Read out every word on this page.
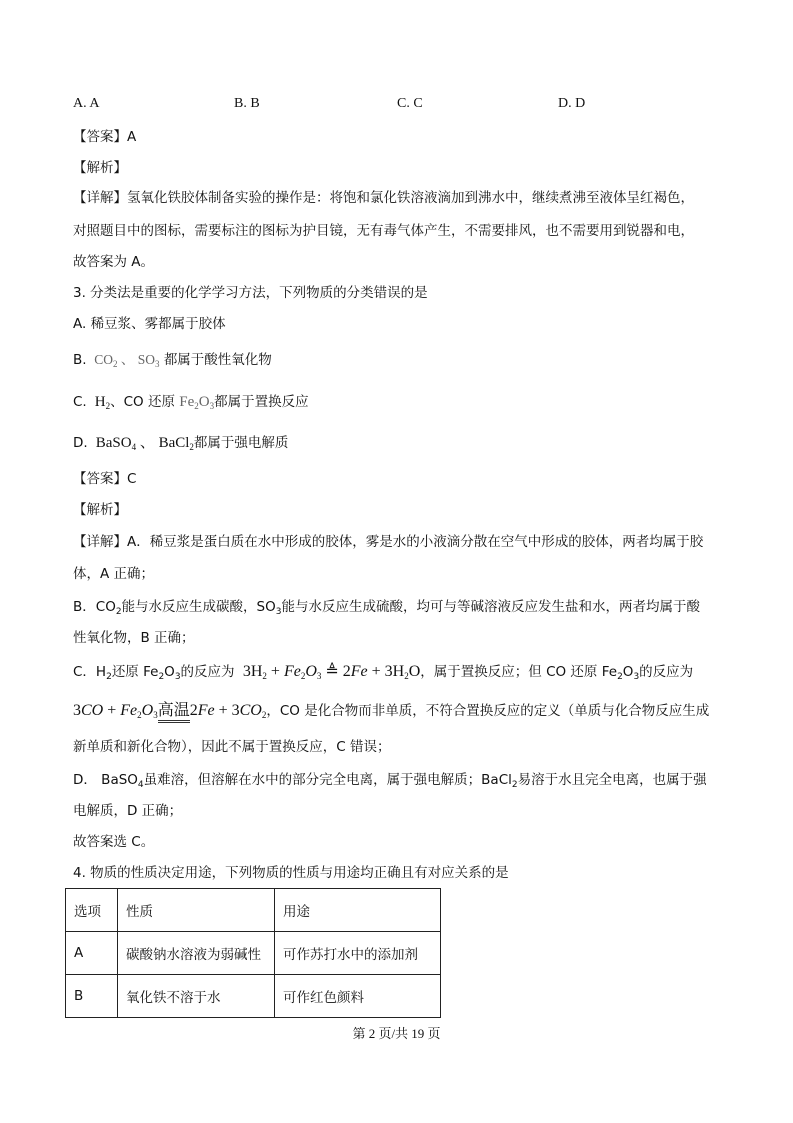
A. A	B. B	C. C	D. D
【答案】A
【解析】
【详解】氢氧化铁胶体制备实验的操作是：将饱和氯化铁溶液滴加到沸水中，继续煮沸至液体呈红褐色，
对照题目中的图标，需要标注的图标为护目镜，无有毒气体产生，不需要排风，也不需要用到锐器和电，
故答案为 A。
3. 分类法是重要的化学学习方法，下列物质的分类错误的是
A. 稀豆浆、雾都属于胶体
B.  $CO_2$ 、 $SO_3$ 都属于酸性氧化物
C.  $H_2$、CO 还原 $Fe_2O_3$都属于置换反应
D.  BaSO$_4$ 、 BaCl$_2$都属于强电解质
【答案】C
【解析】
【详解】A．稀豆浆是蛋白质在水中形成的胶体，雾是水的小液滴分散在空气中形成的胶体，两者均属于胶
体，A 正确；
B．$CO_2$能与水反应生成碳酸，$SO_3$能与水反应生成硫酸，均可与等碱溶液反应发生盐和水，两者均属于酸
性氧化物，B 正确；
C．$H_2$还原 $Fe_2O_3$的反应为  $3H_2 + Fe_2O_3$ ≜ $2Fe + 3H_2O$，属于置换反应；但 CO 还原 $Fe_2O_3$的反应为
$3CO + Fe_2O_3$高温$2Fe + 3CO_2$，CO 是化合物而非单质，不符合置换反应的定义（单质与化合物反应生成
新单质和新化合物），因此不属于置换反应，C 错误；
D． BaSO$_4$虽难溶，但溶解在水中的部分完全电离，属于强电解质；BaCl$_2$易溶于水且完全电离，也属于强
电解质，D 正确；
故答案选 C。
4. 物质的性质决定用途，下列物质的性质与用途均正确且有对应关系的是
选项	性质	用途
A	碳酸钠水溶液为弱碱性	可作苏打水中的添加剂
B	氧化铁不溶于水	可作红色颜料
第 2 页/共 19 页
